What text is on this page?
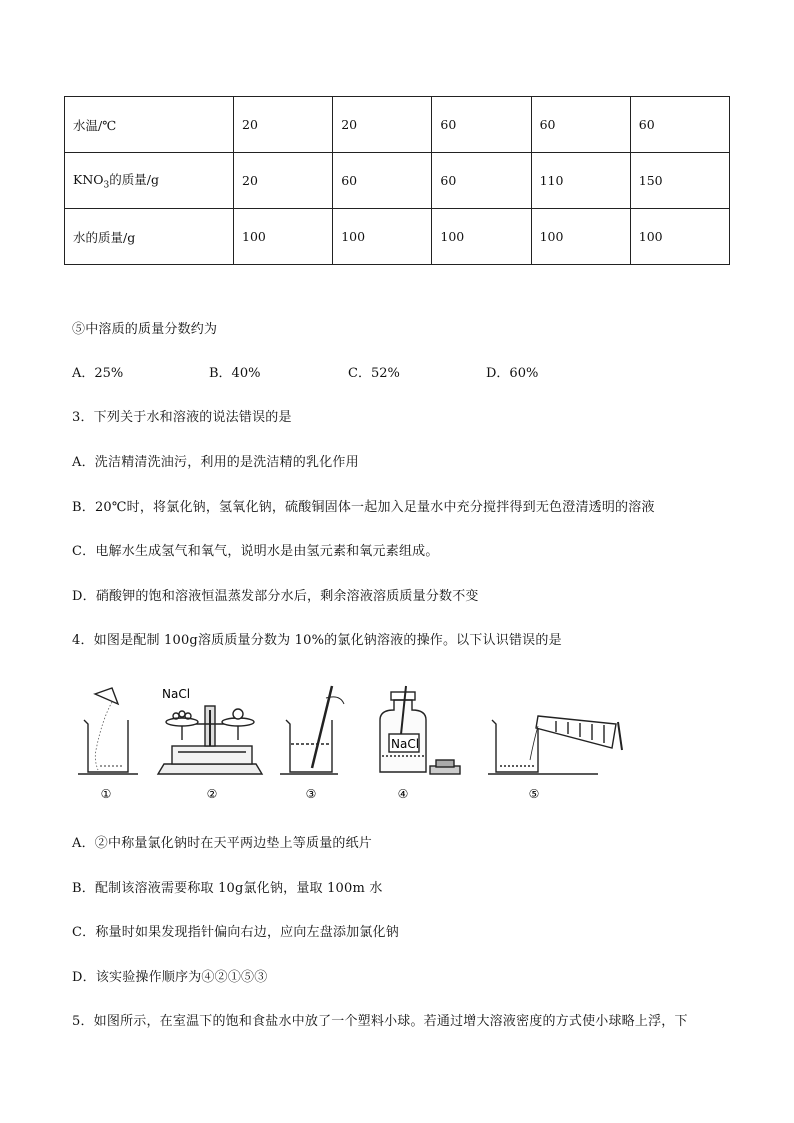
水温/℃	20	20	60	60	60
$KNO_3$的质量/g	20	60	60	110	150
水的质量/g	100	100	100	100	100
⑤中溶质的质量分数约为
A．25%	B．40%	C．52%	D．60%
3．下列关于水和溶液的说法错误的是
A．洗洁精清洗油污，利用的是洗洁精的乳化作用
B．20℃时，将氯化钠，氢氧化钠，硫酸铜固体一起加入足量水中充分搅拌得到无色澄清透明的溶液
C．电解水生成氢气和氧气，说明水是由氢元素和氧元素组成。
D．硝酸钾的饱和溶液恒温蒸发部分水后，剩余溶液溶质质量分数不变
4．如图是配制 100g溶质质量分数为 10%的氯化钠溶液的操作。以下认识错误的是
NaCl
NaCl
①	②	③	④	⑤
A．②中称量氯化钠时在天平两边垫上等质量的纸片
B．配制该溶液需要称取 10g氯化钠，量取 100m 水
C．称量时如果发现指针偏向右边，应向左盘添加氯化钠
D．该实验操作顺序为④②①⑤③
5．如图所示，在室温下的饱和食盐水中放了一个塑料小球。若通过增大溶液密度的方式使小球略上浮，下
